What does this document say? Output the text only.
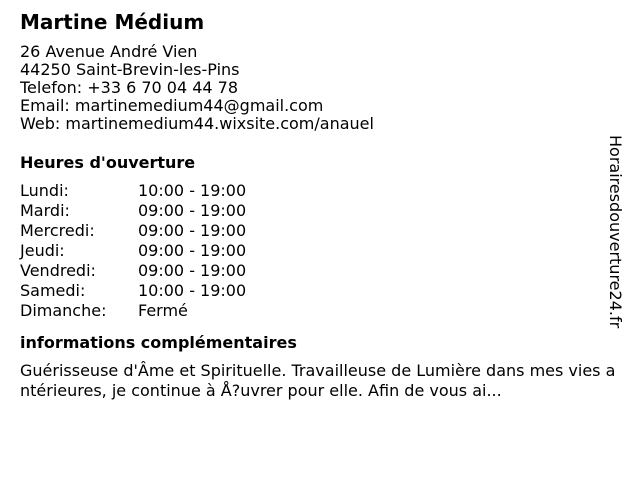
Martine Médium
26 Avenue André Vien
44250 Saint-Brevin-les-Pins
Telefon: +33 6 70 04 44 78
Email: martinemedium44@gmail.com
Web: martinemedium44.wixsite.com/anauel
Heures d'ouverture
Lundi:	10:00 - 19:00
Mardi:	09:00 - 19:00
Mercredi:	09:00 - 19:00
Jeudi:	09:00 - 19:00
Vendredi:	09:00 - 19:00
Samedi:	10:00 - 19:00
Dimanche:	Fermé
informations complémentaires
Guérisseuse d'Âme et Spirituelle. Travailleuse de Lumière dans mes vies antérieures, je continue à Å?uvrer pour elle. Afin de vous ai...
Horairesdouverture24.fr
